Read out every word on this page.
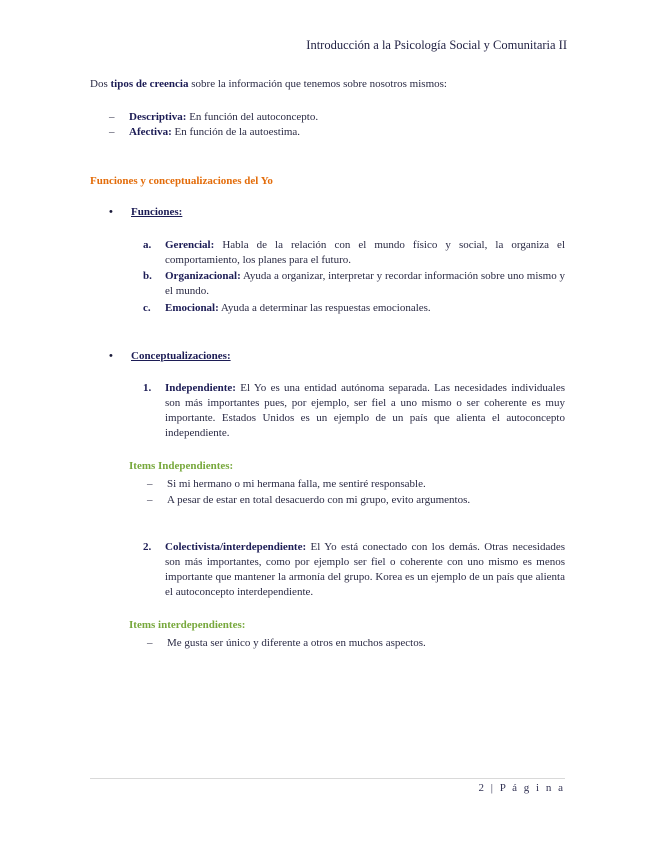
Introducción a la Psicología Social y Comunitaria II

Dos tipos de creencia sobre la información que tenemos sobre nosotros mismos:

– Descriptiva: En función del autoconcepto.
– Afectiva: En función de la autoestima.
Funciones y conceptualizaciones del Yo
• Funciones:
a.	Gerencial: Habla de la relación con el mundo físico y social, la organiza el comportamiento, los planes para el futuro.
b.	Organizacional: Ayuda a organizar, interpretar y recordar información sobre uno mismo y el mundo.
c.	Emocional: Ayuda a determinar las respuestas emocionales.
• Conceptualizaciones:
1.	Independiente: El Yo es una entidad autónoma separada. Las necesidades individuales son más importantes pues, por ejemplo, ser fiel a uno mismo o ser coherente es muy importante. Estados Unidos es un ejemplo de un país que alienta el autoconcepto independiente.
Items Independientes:
– Si mi hermano o mi hermana falla, me sentiré responsable.
– A pesar de estar en total desacuerdo con mi grupo, evito argumentos.
2.	Colectivista/interdependiente: El Yo está conectado con los demás. Otras necesidades son más importantes, como por ejemplo ser fiel o coherente con uno mismo es menos importante que mantener la armonía del grupo. Korea es un ejemplo de un país que alienta el autoconcepto interdependiente.
Items interdependientes:
– Me gusta ser único y diferente a otros en muchos aspectos.
2 | P á g i n a
